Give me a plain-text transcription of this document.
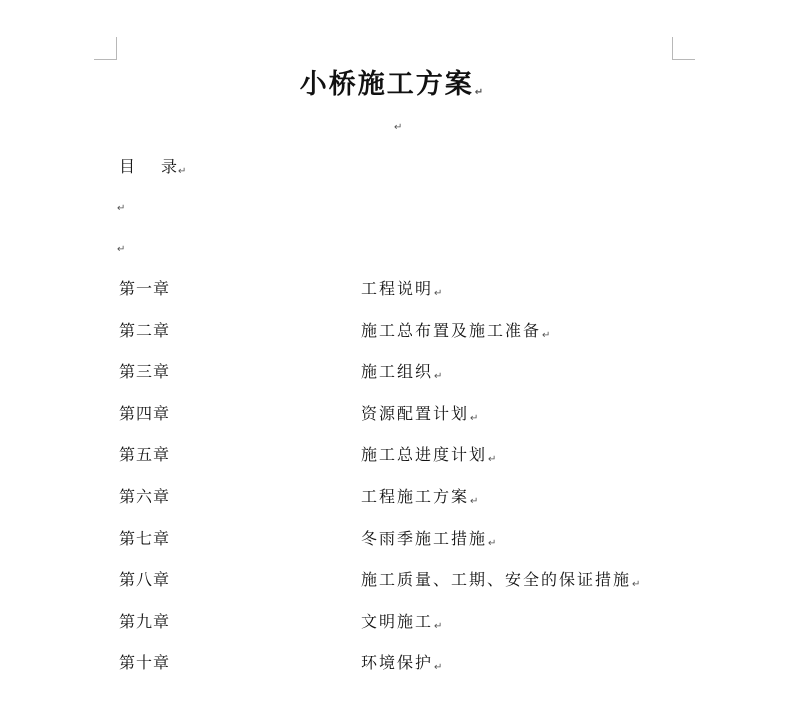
小桥施工方案↵
↵
目 录↵
↵
↵
第一章	工程说明↵
第二章	施工总布置及施工准备↵
第三章	施工组织↵
第四章	资源配置计划↵
第五章	施工总进度计划↵
第六章	工程施工方案↵
第七章	冬雨季施工措施↵
第八章	施工质量、工期、安全的保证措施↵
第九章	文明施工↵
第十章	环境保护↵
